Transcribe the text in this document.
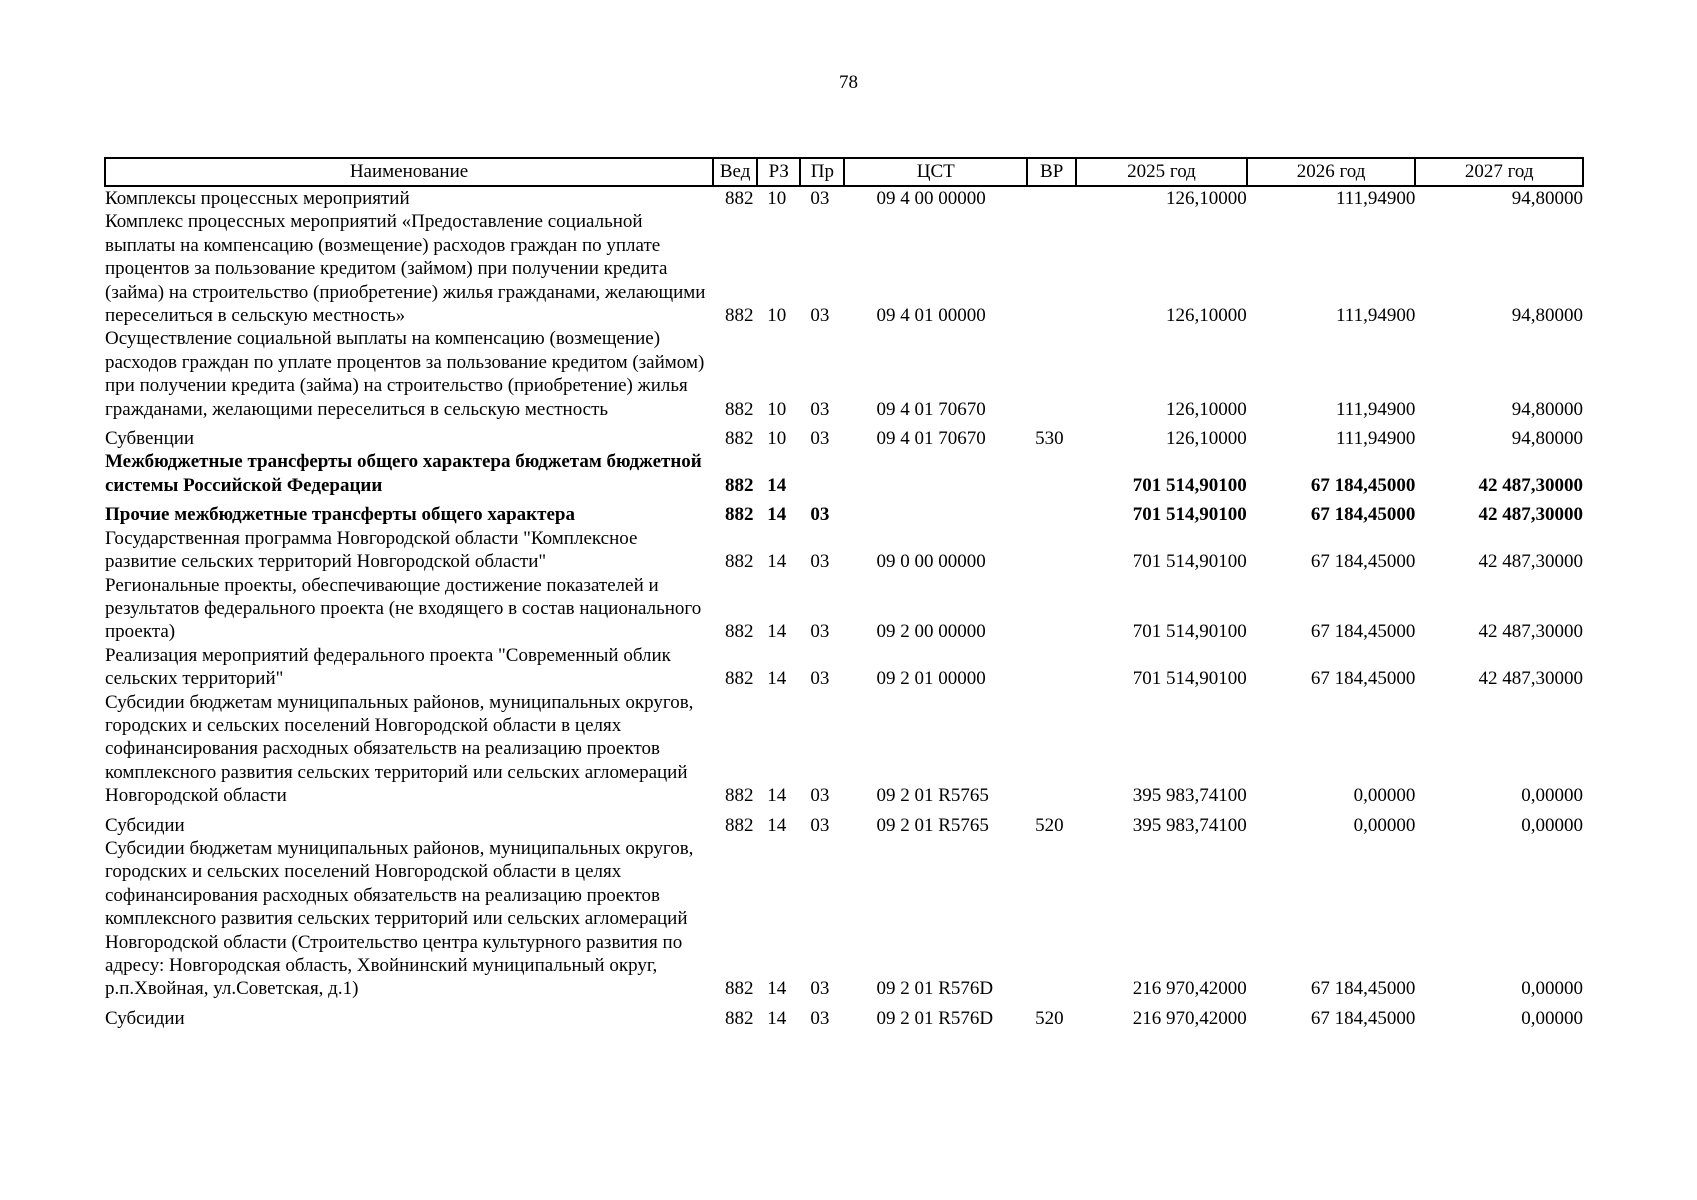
78
Наименование	Вед	РЗ	Пр	ЦСТ	ВР	2025 год	2026 год	2027 год
Комплексы процессных мероприятий	882	10	03	09 4 00 00000		126,10000	111,94900	94,80000
Комплекс процессных мероприятий «Предоставление социальной выплаты на компенсацию (возмещение) расходов граждан по уплате процентов за пользование кредитом (займом) при получении кредита (займа) на строительство (приобретение) жилья гражданами, желающими переселиться в сельскую местность»	882	10	03	09 4 01 00000		126,10000	111,94900	94,80000
Осуществление социальной выплаты на компенсацию (возмещение) расходов граждан по уплате процентов за пользование кредитом (займом) при получении кредита (займа) на строительство (приобретение) жилья гражданами, желающими переселиться в сельскую местность	882	10	03	09 4 01 70670		126,10000	111,94900	94,80000
Субвенции	882	10	03	09 4 01 70670	530	126,10000	111,94900	94,80000
Межбюджетные трансферты общего характера бюджетам бюджетной системы Российской Федерации	882	14				701 514,90100	67 184,45000	42 487,30000
Прочие межбюджетные трансферты общего характера	882	14	03			701 514,90100	67 184,45000	42 487,30000
Государственная программа Новгородской области "Комплексное развитие сельских территорий Новгородской области"	882	14	03	09 0 00 00000		701 514,90100	67 184,45000	42 487,30000
Региональные проекты, обеспечивающие достижение показателей и результатов федерального проекта (не входящего в состав национального проекта)	882	14	03	09 2 00 00000		701 514,90100	67 184,45000	42 487,30000
Реализация мероприятий федерального проекта "Современный облик сельских территорий"	882	14	03	09 2 01 00000		701 514,90100	67 184,45000	42 487,30000
Субсидии бюджетам муниципальных районов, муниципальных округов, городских и сельских поселений Новгородской области в целях софинансирования расходных обязательств на реализацию проектов комплексного развития сельских территорий или сельских агломераций Новгородской области	882	14	03	09 2 01 R5765		395 983,74100	0,00000	0,00000
Субсидии	882	14	03	09 2 01 R5765	520	395 983,74100	0,00000	0,00000
Субсидии бюджетам муниципальных районов, муниципальных округов, городских и сельских поселений Новгородской области в целях софинансирования расходных обязательств на реализацию проектов комплексного развития сельских территорий или сельских агломераций Новгородской области (Строительство центра культурного развития по адресу: Новгородская область, Хвойнинский муниципальный округ, р.п.Хвойная, ул.Советская, д.1)	882	14	03	09 2 01 R576D		216 970,42000	67 184,45000	0,00000
Субсидии	882	14	03	09 2 01 R576D	520	216 970,42000	67 184,45000	0,00000
